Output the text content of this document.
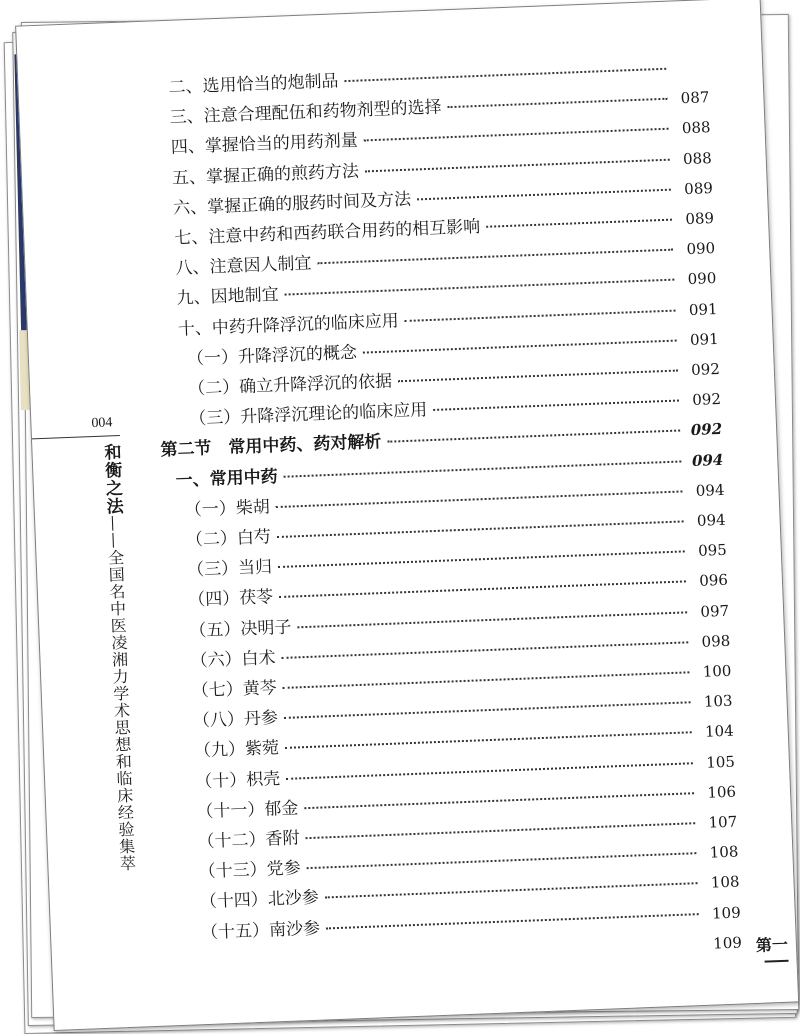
004
和衡之法——全国名中医凌湘力学术思想和临床经验集萃
二、选用恰当的炮制品
三、注意合理配伍和药物剂型的选择	087
四、掌握恰当的用药剂量
088
五、掌握正确的煎药方法
088
六、掌握正确的服药时间及方法
089
七、注意中药和西药联合用药的相互影响	089
八、注意因人制宜
090
九、因地制宜
090
十、中药升降浮沉的临床应用
091
（一）升降浮沉的概念
091
（二）确立升降浮沉的依据
092
（三）升降浮沉理论的临床应用
092
第二节　常用中药、药对解析
092
一、常用中药
094
（一）柴胡
094
（二）白芍
094
（三）当归
095
（四）茯苓
096
（五）决明子
097
（六）白术
098
（七）黄芩
100
（八）丹参
103
（九）紫菀
104
（十）枳壳
105
（十一）郁金
106
（十二）香附
107
（十三）党参
108
（十四）北沙参
108
（十五）南沙参
109
109 第一
